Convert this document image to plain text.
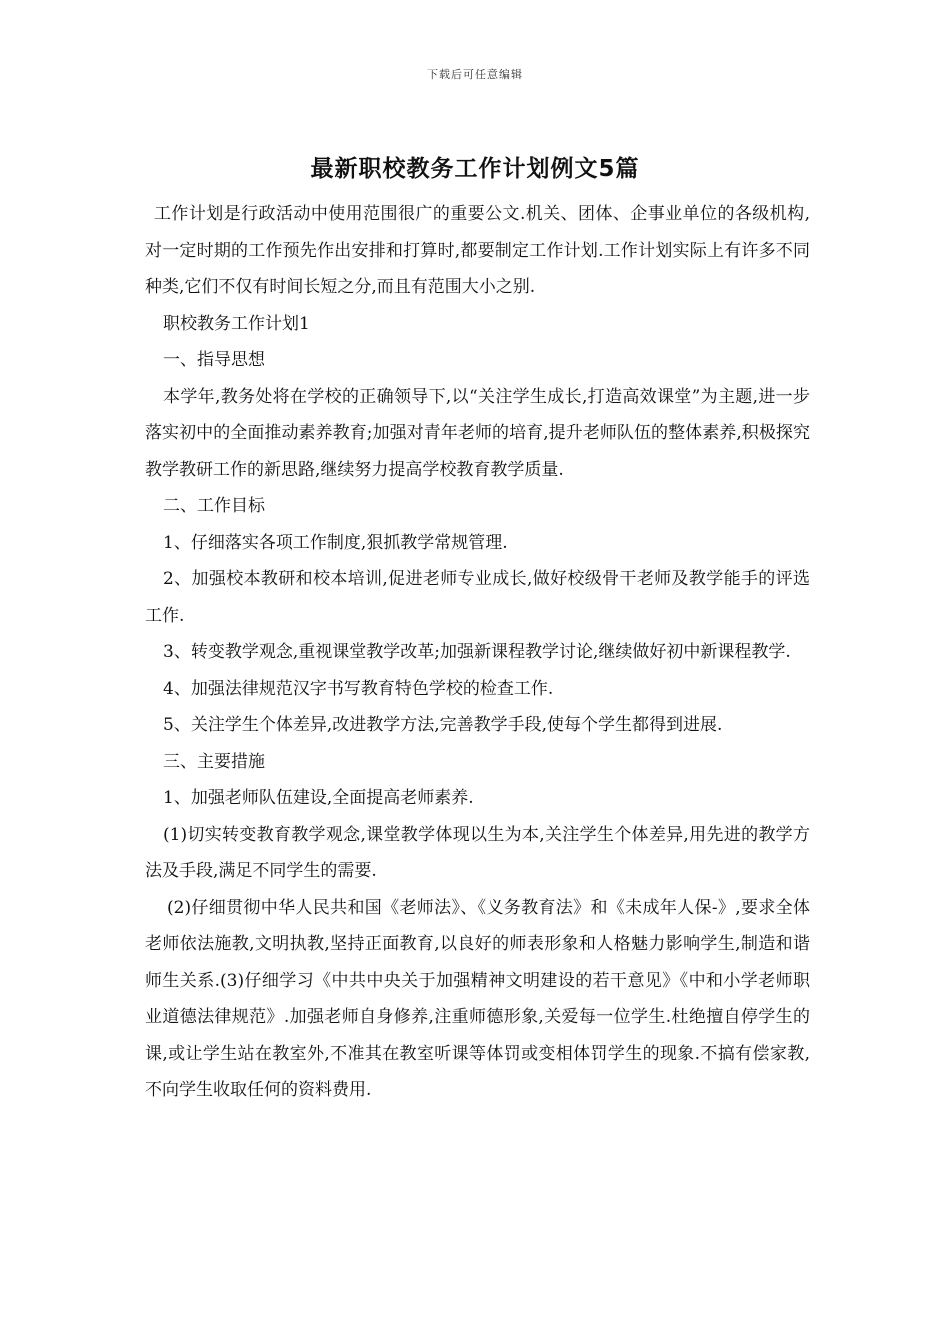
下载后可任意编辑
最新职校教务工作计划例文5篇

工作计划是行政活动中使用范围很广的重要公文.机关、团体、企事业单位的各级机构,对一定时期的工作预先作出安排和打算时,都要制定工作计划.工作计划实际上有许多不同种类,它们不仅有时间长短之分,而且有范围大小之别.

职校教务工作计划1

一、指导思想

本学年,教务处将在学校的正确领导下,以“关注学生成长,打造高效课堂”为主题,进一步落实初中的全面推动素养教育;加强对青年老师的培育,提升老师队伍的整体素养,积极探究教学教研工作的新思路,继续努力提高学校教育教学质量.

二、工作目标

1、仔细落实各项工作制度,狠抓教学常规管理.

2、加强校本教研和校本培训,促进老师专业成长,做好校级骨干老师及教学能手的评选工作.

3、转变教学观念,重视课堂教学改革;加强新课程教学讨论,继续做好初中新课程教学.

4、加强法律规范汉字书写教育特色学校的检查工作.

5、关注学生个体差异,改进教学方法,完善教学手段,使每个学生都得到进展.

三、主要措施

1、加强老师队伍建设,全面提高老师素养.

(1)切实转变教育教学观念,课堂教学体现以生为本,关注学生个体差异,用先进的教学方法及手段,满足不同学生的需要.

(2)仔细贯彻中华人民共和国《老师法》、《义务教育法》和《未成年人保-》,要求全体老师依法施教,文明执教,坚持正面教育,以良好的师表形象和人格魅力影响学生,制造和谐师生关系.(3)仔细学习《中共中央关于加强精神文明建设的若干意见》《中和小学老师职业道德法律规范》.加强老师自身修养,注重师德形象,关爱每一位学生.杜绝擅自停学生的课,或让学生站在教室外,不准其在教室听课等体罚或变相体罚学生的现象.不搞有偿家教,不向学生收取任何的资料费用.
